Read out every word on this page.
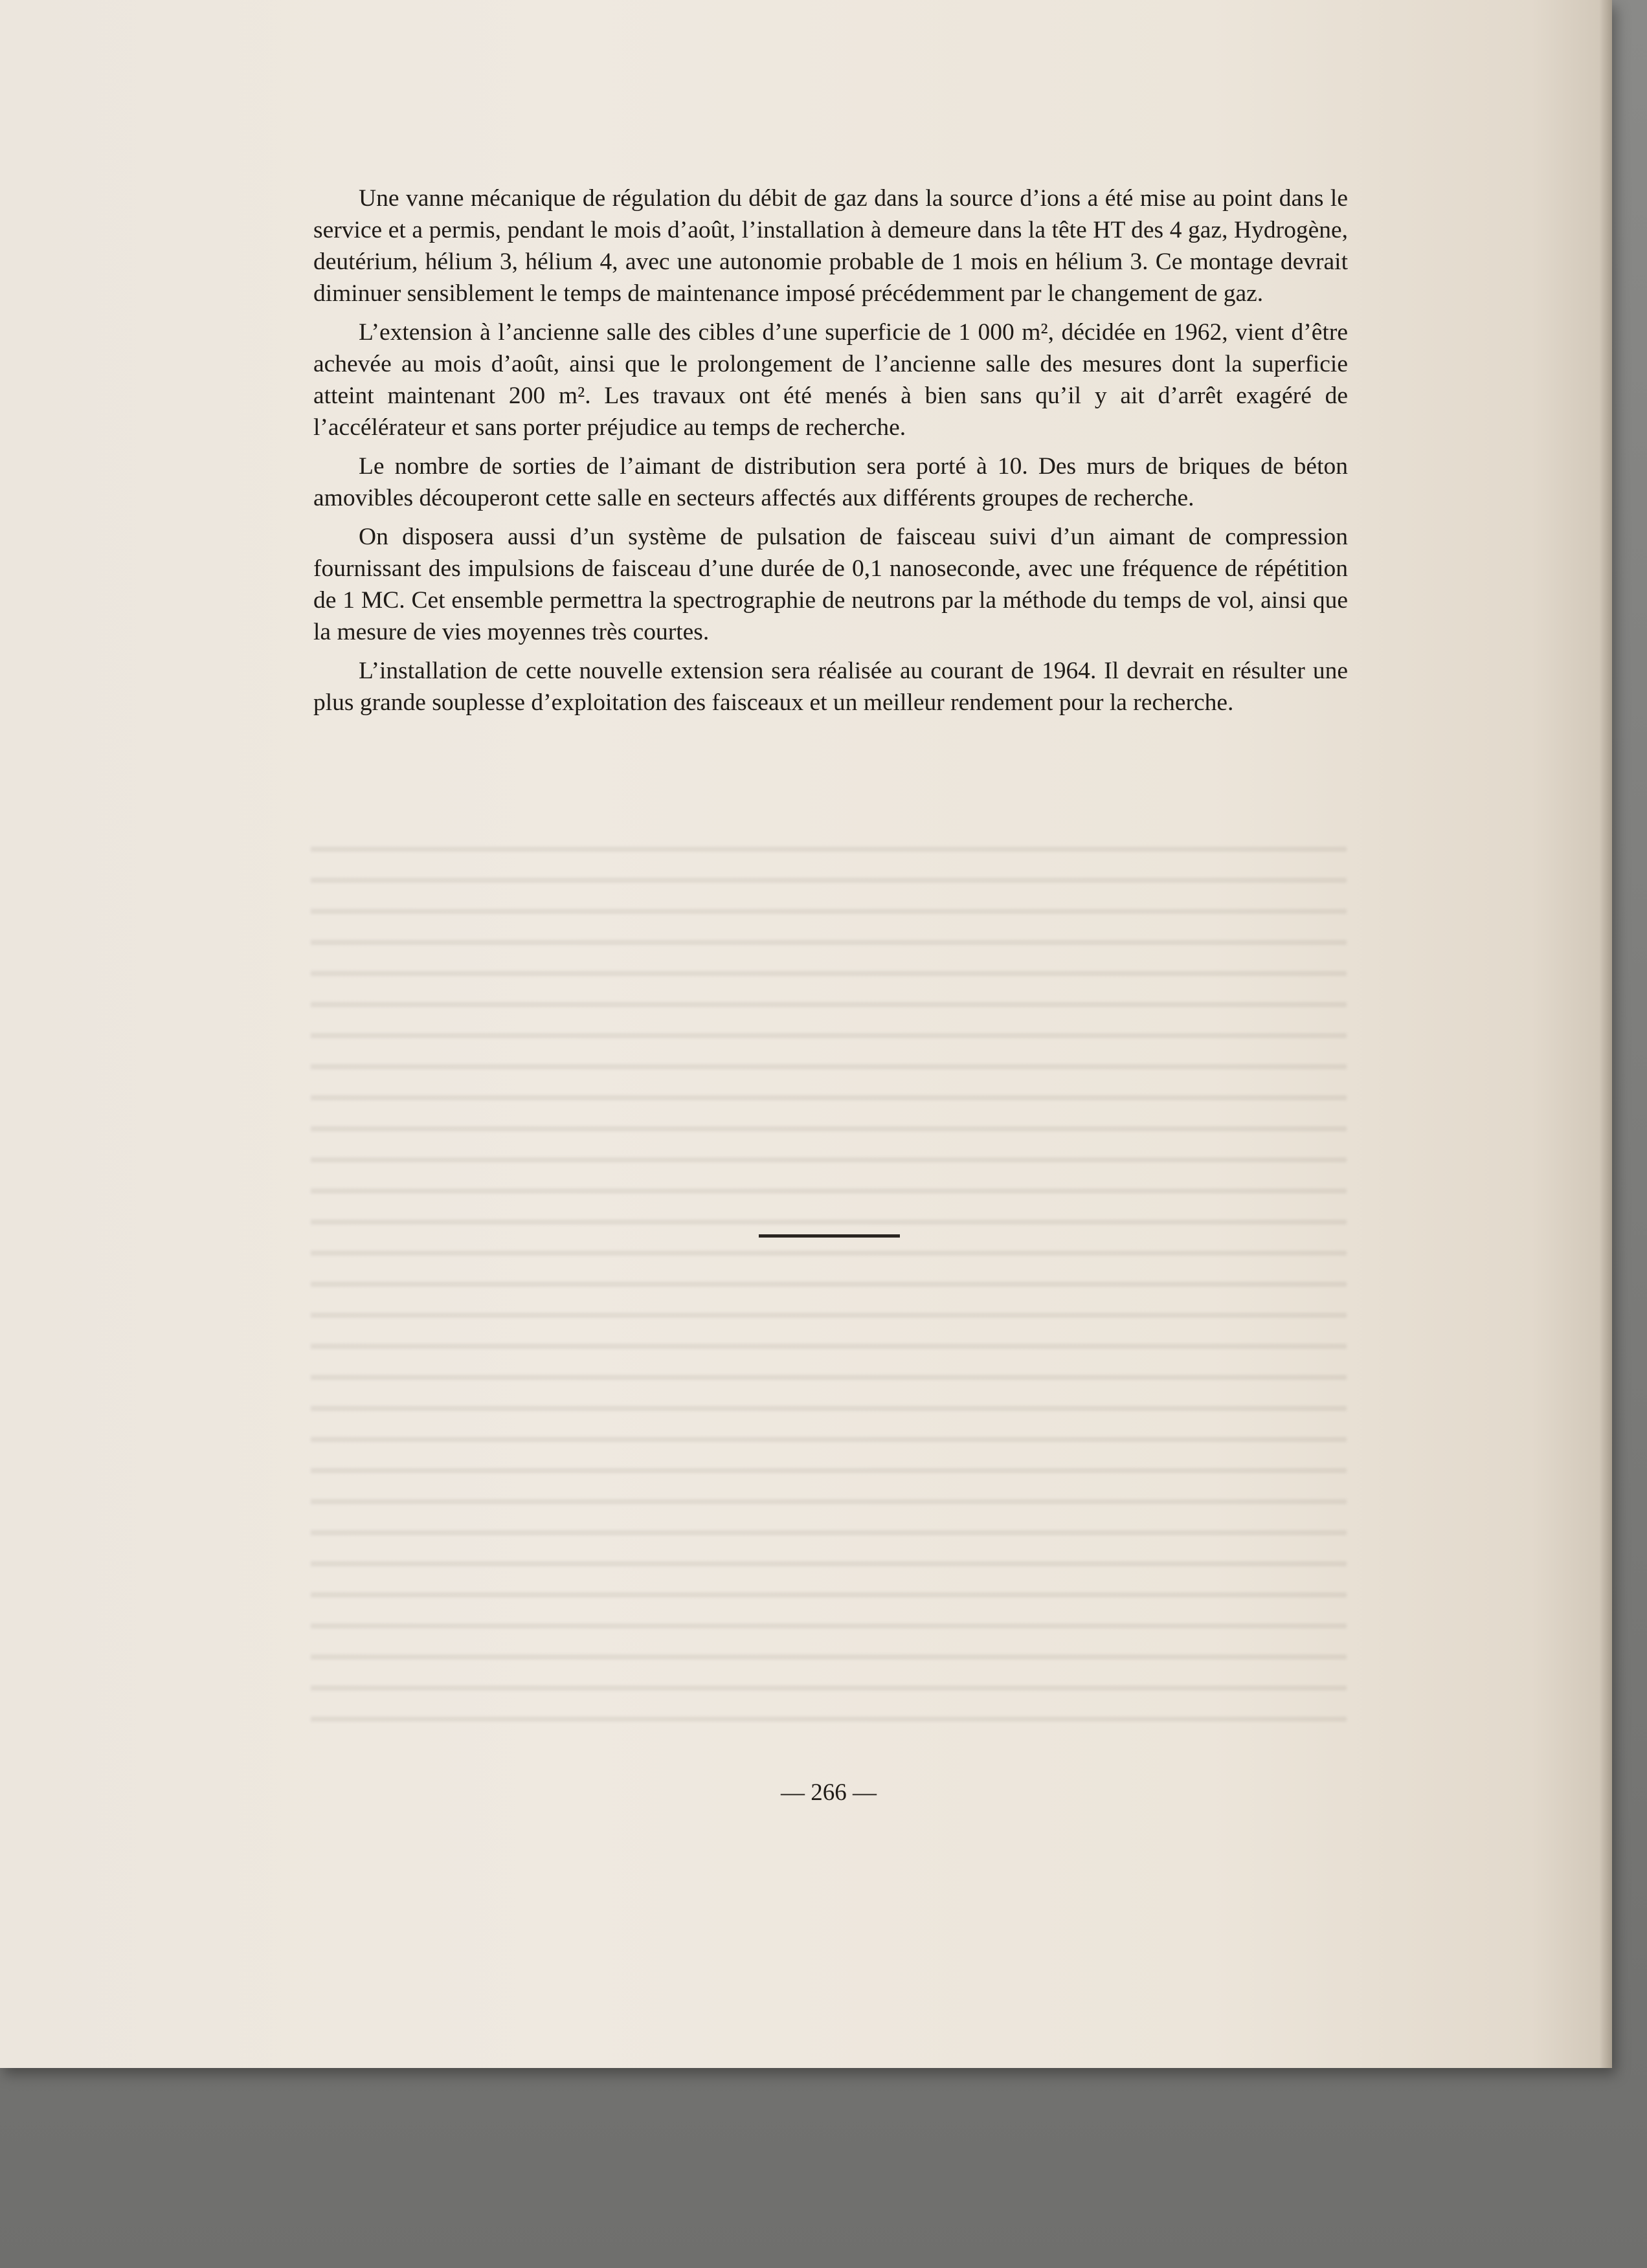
Une vanne mécanique de régulation du débit de gaz dans la source d’ions a été mise au point dans le service et a permis, pendant le mois d’août, l’installation à demeure dans la tête HT des 4 gaz, Hydrogène, deutérium, hélium 3, hélium 4, avec une autonomie probable de 1 mois en hélium 3. Ce montage devrait diminuer sensiblement le temps de maintenance imposé précédemment par le changement de gaz.

L’extension à l’ancienne salle des cibles d’une superficie de 1 000 m², décidée en 1962, vient d’être achevée au mois d’août, ainsi que le prolongement de l’ancienne salle des mesures dont la superficie atteint maintenant 200 m². Les travaux ont été menés à bien sans qu’il y ait d’arrêt exagéré de l’accélérateur et sans porter préjudice au temps de recherche.

Le nombre de sorties de l’aimant de distribution sera porté à 10. Des murs de briques de béton amovibles découperont cette salle en secteurs affectés aux différents groupes de recherche.

On disposera aussi d’un système de pulsation de faisceau suivi d’un aimant de compression fournissant des impulsions de faisceau d’une durée de 0,1 nanoseconde, avec une fréquence de répétition de 1 MC. Cet ensemble permettra la spectrographie de neutrons par la méthode du temps de vol, ainsi que la mesure de vies moyennes très courtes.

L’installation de cette nouvelle extension sera réalisée au courant de 1964. Il devrait en résulter une plus grande souplesse d’exploitation des faisceaux et un meilleur rendement pour la recherche.

— 266 —
